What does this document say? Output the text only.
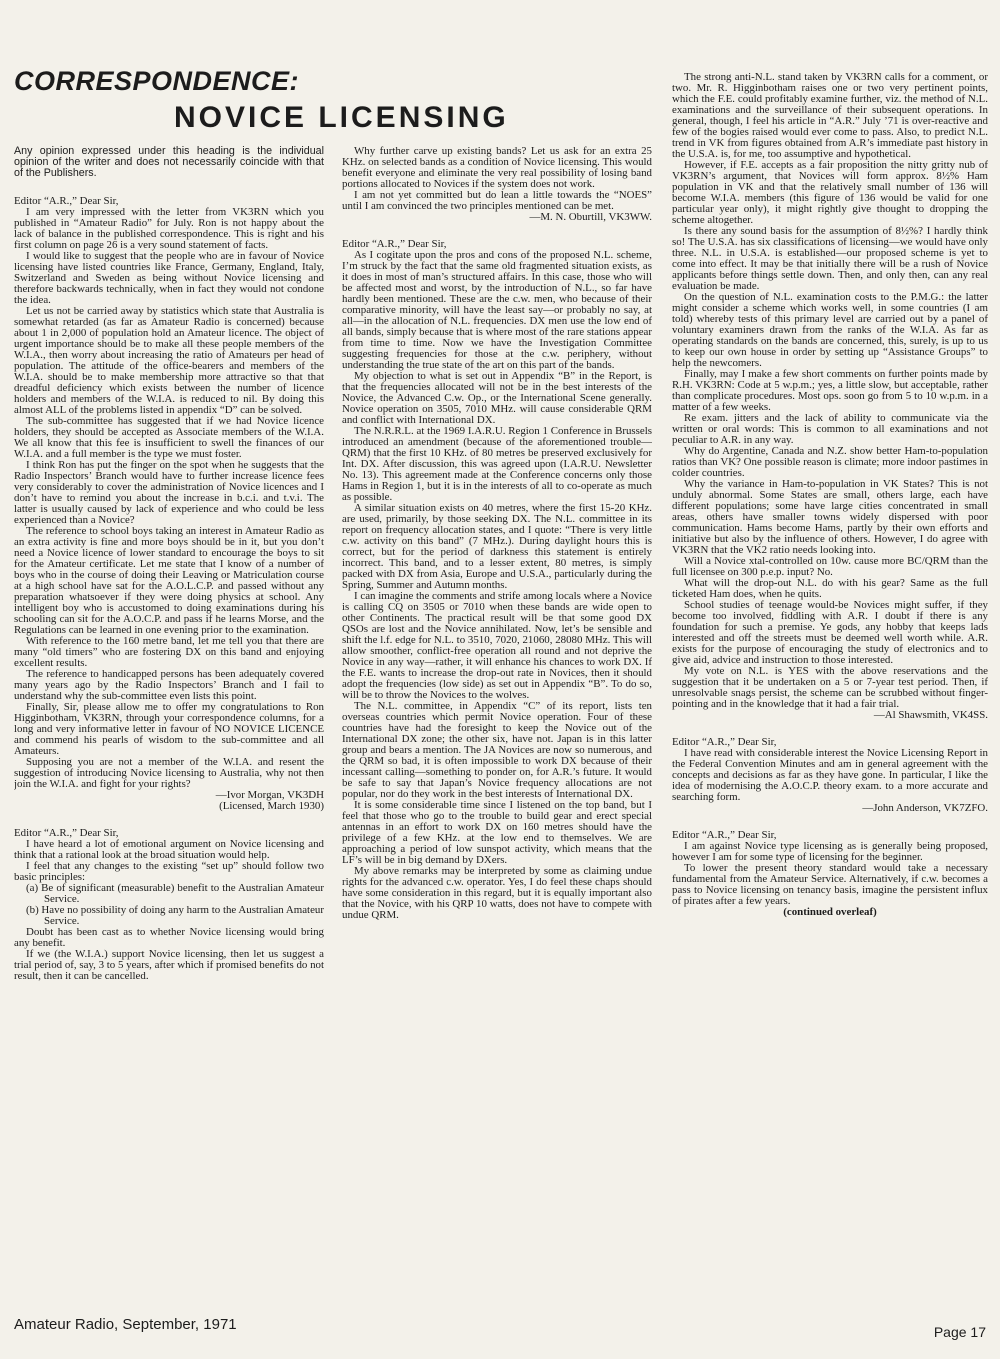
CORRESPONDENCE:
NOVICE LICENSING

Any opinion expressed under this heading is the individual opinion of the writer and does not necessarily coincide with that of the Publishers.

Editor “A.R.,” Dear Sir,

I am very impressed with the letter from VK3RN which you published in “Amateur Radio” for July. Ron is not happy about the lack of balance in the published correspondence. This is right and his first column on page 26 is a very sound statement of facts.

I would like to suggest that the people who are in favour of Novice licensing have listed countries like France, Germany, England, Italy, Switzerland and Sweden as being without Novice licensing and therefore backwards technically, when in fact they would not condone the idea.

Let us not be carried away by statistics which state that Australia is somewhat retarded (as far as Amateur Radio is concerned) because about 1 in 2,000 of population hold an Amateur licence. The object of urgent importance should be to make all these people members of the W.I.A., then worry about increasing the ratio of Amateurs per head of population. The attitude of the office-bearers and members of the W.I.A. should be to make membership more attractive so that that dreadful deficiency which exists between the number of licence holders and members of the W.I.A. is reduced to nil. By doing this almost ALL of the problems listed in appendix “D” can be solved.

The sub-committee has suggested that if we had Novice licence holders, they should be accepted as Associate members of the W.I.A. We all know that this fee is insufficient to swell the finances of our W.I.A. and a full member is the type we must foster.

I think Ron has put the finger on the spot when he suggests that the Radio Inspectors’ Branch would have to further increase licence fees very considerably to cover the administration of Novice licences and I don’t have to remind you about the increase in b.c.i. and t.v.i. The latter is usually caused by lack of experience and who could be less experienced than a Novice?

The reference to school boys taking an interest in Amateur Radio as an extra activity is fine and more boys should be in it, but you don’t need a Novice licence of lower standard to encourage the boys to sit for the Amateur certificate. Let me state that I know of a number of boys who in the course of doing their Leaving or Matriculation course at a high school have sat for the A.O.L.C.P. and passed without any preparation whatsoever if they were doing physics at school. Any intelligent boy who is accustomed to doing examinations during his schooling can sit for the A.O.C.P. and pass if he learns Morse, and the Regulations can be learned in one evening prior to the examination.

With reference to the 160 metre band, let me tell you that there are many “old timers” who are fostering DX on this band and enjoying excellent results.

The reference to handicapped persons has been adequately covered many years ago by the Radio Inspectors’ Branch and I fail to understand why the sub-committee even lists this point.

Finally, Sir, please allow me to offer my congratulations to Ron Higginbotham, VK3RN, through your correspondence columns, for a long and very informative letter in favour of NO NOVICE LICENCE and commend his pearls of wisdom to the sub-committee and all Amateurs.

Supposing you are not a member of the W.I.A. and resent the suggestion of introducing Novice licensing to Australia, why not then join the W.I.A. and fight for your rights?

—Ivor Morgan, VK3DH

(Licensed, March 1930)

Editor “A.R.,” Dear Sir,

I have heard a lot of emotional argument on Novice licensing and think that a rational look at the broad situation would help.

I feel that any changes to the existing “set up” should follow two basic principles:

(a) Be of significant (measurable) benefit to the Australian Amateur Service.

(b) Have no possibility of doing any harm to the Australian Amateur Service.

Doubt has been cast as to whether Novice licensing would bring any benefit.

If we (the W.I.A.) support Novice licensing, then let us suggest a trial period of, say, 3 to 5 years, after which if promised benefits do not result, then it can be cancelled.

Why further carve up existing bands? Let us ask for an extra 25 KHz. on selected bands as a condition of Novice licensing. This would benefit everyone and eliminate the very real possibility of losing band portions allocated to Novices if the system does not work.

I am not yet committed but do lean a little towards the “NOES” until I am convinced the two principles mentioned can be met.

—M. N. Oburtill, VK3WW.

Editor “A.R.,” Dear Sir,

As I cogitate upon the pros and cons of the proposed N.L. scheme, I’m struck by the fact that the same old fragmented situation exists, as it does in most of man’s structured affairs. In this case, those who will be affected most and worst, by the introduction of N.L., so far have hardly been mentioned. These are the c.w. men, who because of their comparative minority, will have the least say—or probably no say, at all—in the allocation of N.L. frequencies. DX men use the low end of all bands, simply because that is where most of the rare stations appear from time to time. Now we have the Investigation Committee suggesting frequencies for those at the c.w. periphery, without understanding the true state of the art on this part of the bands.

My objection to what is set out in Appendix “B” in the Report, is that the frequencies allocated will not be in the best interests of the Novice, the Advanced C.w. Op., or the International Scene generally. Novice operation on 3505, 7010 MHz. will cause considerable QRM and conflict with International DX.

The N.R.R.L. at the 1969 I.A.R.U. Region 1 Conference in Brussels introduced an amendment (because of the aforementioned trouble—QRM) that the first 10 KHz. of 80 metres be preserved exclusively for Int. DX. After discussion, this was agreed upon (I.A.R.U. Newsletter No. 13). This agreement made at the Conference concerns only those Hams in Region 1, but it is in the interests of all to co-operate as much as possible.

A similar situation exists on 40 metres, where the first 15-20 KHz. are used, primarily, by those seeking DX. The N.L. committee in its report on frequency allocation states, and I quote: “There is very little c.w. activity on this band” (7 MHz.). During daylight hours this is correct, but for the period of darkness this statement is entirely incorrect. This band, and to a lesser extent, 80 metres, is simply packed with DX from Asia, Europe and U.S.A., particularly during the Spring, Summer and Autumn months.

I can imagine the comments and strife among locals where a Novice is calling CQ on 3505 or 7010 when these bands are wide open to other Continents. The practical result will be that some good DX QSOs are lost and the Novice annihilated. Now, let’s be sensible and shift the l.f. edge for N.L. to 3510, 7020, 21060, 28080 MHz. This will allow smoother, conflict-free operation all round and not deprive the Novice in any way—rather, it will enhance his chances to work DX. If the F.E. wants to increase the drop-out rate in Novices, then it should adopt the frequencies (low side) as set out in Appendix “B”. To do so, will be to throw the Novices to the wolves.

The N.L. committee, in Appendix “C” of its report, lists ten overseas countries which permit Novice operation. Four of these countries have had the foresight to keep the Novice out of the International DX zone; the other six, have not. Japan is in this latter group and bears a mention. The JA Novices are now so numerous, and the QRM so bad, it is often impossible to work DX because of their incessant calling—something to ponder on, for A.R.’s future. It would be safe to say that Japan’s Novice frequency allocations are not popular, nor do they work in the best interests of International DX.

It is some considerable time since I listened on the top band, but I feel that those who go to the trouble to build gear and erect special antennas in an effort to work DX on 160 metres should have the privilege of a few KHz. at the low end to themselves. We are approaching a period of low sunspot activity, which means that the LF’s will be in big demand by DXers.

My above remarks may be interpreted by some as claiming undue rights for the advanced c.w. operator. Yes, I do feel these chaps should have some consideration in this regard, but it is equally important also that the Novice, with his QRP 10 watts, does not have to compete with undue QRM.

The strong anti-N.L. stand taken by VK3RN calls for a comment, or two. Mr. R. Higginbotham raises one or two very pertinent points, which the F.E. could profitably examine further, viz. the method of N.L. examinations and the surveillance of their subsequent operations. In general, though, I feel his article in “A.R.” July ’71 is over-reactive and few of the bogies raised would ever come to pass. Also, to predict N.L. trend in VK from figures obtained from A.R’s immediate past history in the U.S.A. is, for me, too assumptive and hypothetical.

However, if F.E. accepts as a fair proposition the nitty gritty nub of VK3RN’s argument, that Novices will form approx. 8½% Ham population in VK and that the relatively small number of 136 will become W.I.A. members (this figure of 136 would be valid for one particular year only), it might rightly give thought to dropping the scheme altogether.

Is there any sound basis for the assumption of 8½%? I hardly think so! The U.S.A. has six classifications of licensing—we would have only three. N.L. in U.S.A. is established—our proposed scheme is yet to come into effect. It may be that initially there will be a rush of Novice applicants before things settle down. Then, and only then, can any real evaluation be made.

On the question of N.L. examination costs to the P.M.G.: the latter might consider a scheme which works well, in some countries (I am told) whereby tests of this primary level are carried out by a panel of voluntary examiners drawn from the ranks of the W.I.A. As far as operating standards on the bands are concerned, this, surely, is up to us to keep our own house in order by setting up “Assistance Groups” to help the newcomers.

Finally, may I make a few short comments on further points made by R.H. VK3RN: Code at 5 w.p.m.; yes, a little slow, but acceptable, rather than complicate procedures. Most ops. soon go from 5 to 10 w.p.m. in a matter of a few weeks.

Re exam. jitters and the lack of ability to communicate via the written or oral words: This is common to all examinations and not peculiar to A.R. in any way.

Why do Argentine, Canada and N.Z. show better Ham-to-population ratios than VK? One possible reason is climate; more indoor pastimes in colder countries.

Why the variance in Ham-to-population in VK States? This is not unduly abnormal. Some States are small, others large, each have different populations; some have large cities concentrated in small areas, others have smaller towns widely dispersed with poor communication. Hams become Hams, partly by their own efforts and initiative but also by the influence of others. However, I do agree with VK3RN that the VK2 ratio needs looking into.

Will a Novice xtal-controlled on 10w. cause more BC/QRM than the full licensee on 300 p.e.p. input? No.

What will the drop-out N.L. do with his gear? Same as the full ticketed Ham does, when he quits.

School studies of teenage would-be Novices might suffer, if they become too involved, fiddling with A.R. I doubt if there is any foundation for such a premise. Ye gods, any hobby that keeps lads interested and off the streets must be deemed well worth while. A.R. exists for the purpose of encouraging the study of electronics and to give aid, advice and instruction to those interested.

My vote on N.L. is YES with the above reservations and the suggestion that it be undertaken on a 5 or 7-year test period. Then, if unresolvable snags persist, the scheme can be scrubbed without finger-pointing and in the knowledge that it had a fair trial.

—Al Shawsmith, VK4SS.

Editor “A.R.,” Dear Sir,

I have read with considerable interest the Novice Licensing Report in the Federal Convention Minutes and am in general agreement with the concepts and decisions as far as they have gone. In particular, I like the idea of modernising the A.O.C.P. theory exam. to a more accurate and searching form.

—John Anderson, VK7ZFO.

Editor “A.R.,” Dear Sir,

I am against Novice type licensing as is generally being proposed, however I am for some type of licensing for the beginner.

To lower the present theory standard would take a necessary fundamental from the Amateur Service. Alternatively, if c.w. becomes a pass to Novice licensing on tenancy basis, imagine the persistent influx of pirates after a few years.

(continued overleaf)

Amateur Radio, September, 1971	Page 17
